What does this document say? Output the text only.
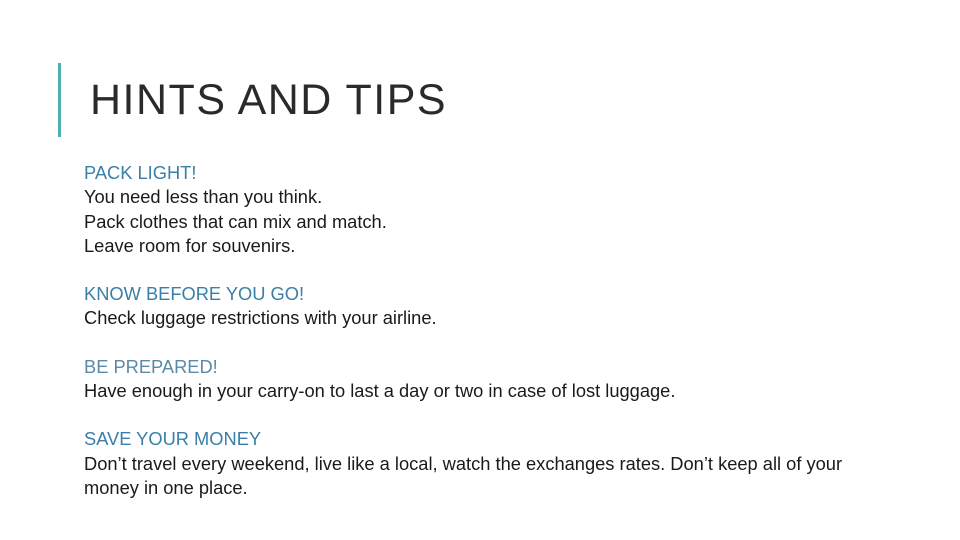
HINTS AND TIPS
PACK LIGHT!
You need less than you think.
Pack clothes that can mix and match.
Leave room for souvenirs.
KNOW BEFORE YOU GO!
Check luggage restrictions with your airline.
BE PREPARED!
Have enough in your carry-on to last a day or two in case of lost luggage.
SAVE YOUR MONEY
Don’t travel every weekend, live like a local, watch the exchanges rates. Don’t keep all of your money in one place.
